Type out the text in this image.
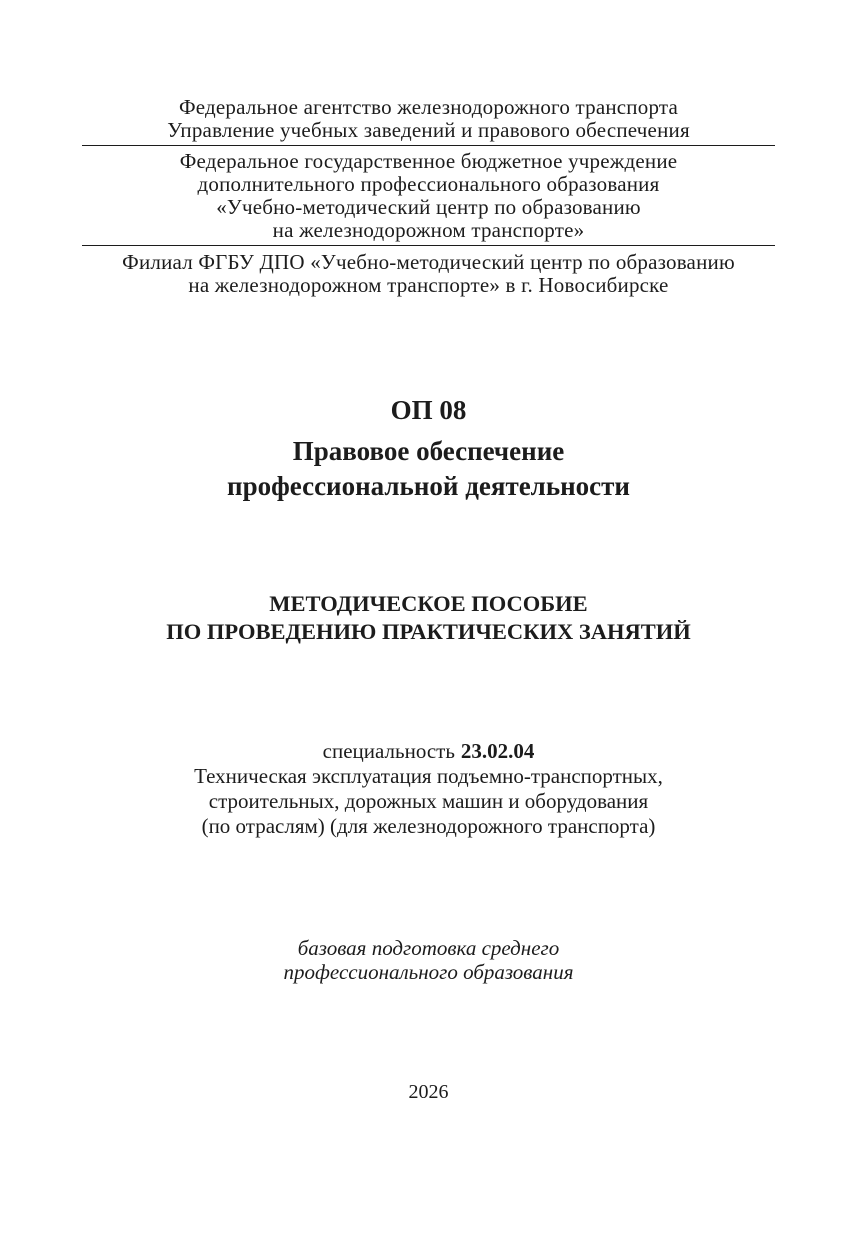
Федеральное агентство железнодорожного транспорта
Управление учебных заведений и правового обеспечения
Федеральное государственное бюджетное учреждение
дополнительного профессионального образования
«Учебно-методический центр по образованию
на железнодорожном транспорте»
Филиал ФГБУ ДПО «Учебно-методический центр по образованию
на железнодорожном транспорте» в г. Новосибирске
ОП 08
Правовое обеспечение
профессиональной деятельности
МЕТОДИЧЕСКОЕ ПОСОБИЕ
ПО ПРОВЕДЕНИЮ ПРАКТИЧЕСКИХ ЗАНЯТИЙ
специальность 23.02.04
Техническая эксплуатация подъемно-транспортных,
строительных, дорожных машин и оборудования
(по отраслям) (для железнодорожного транспорта)
базовая подготовка среднего
профессионального образования
2026
